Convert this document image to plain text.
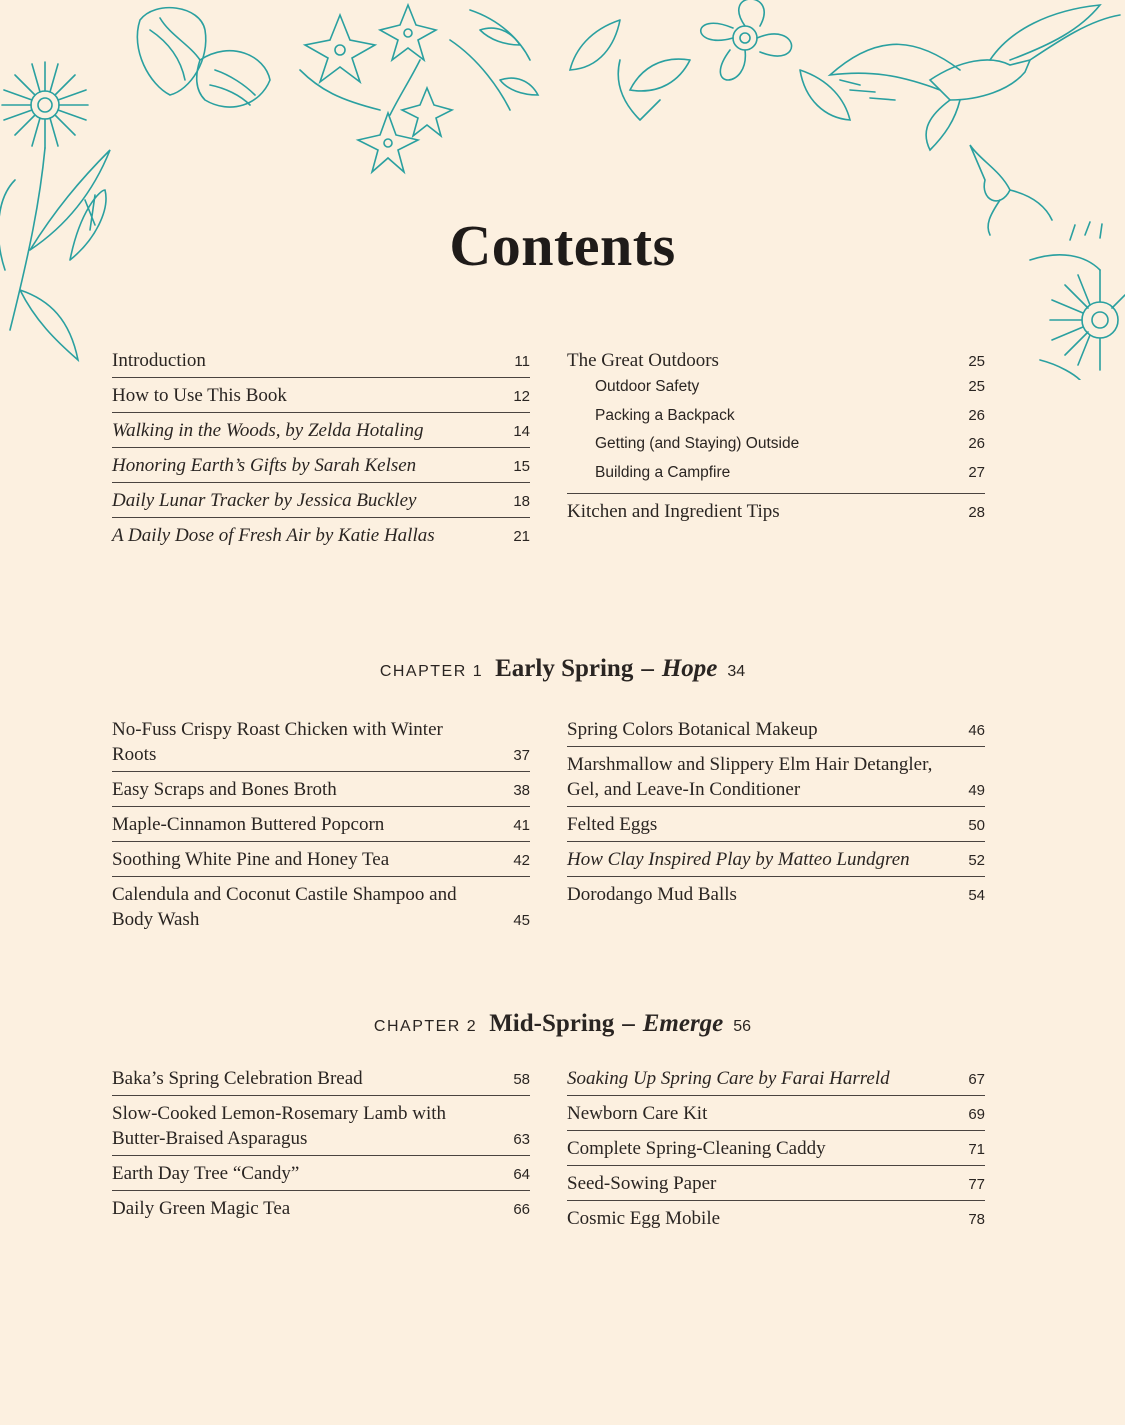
Contents
Introduction	11
How to Use This Book	12
Walking in the Woods, by Zelda Hotaling	14
Honoring Earth’s Gifts by Sarah Kelsen	15
Daily Lunar Tracker by Jessica Buckley	18
A Daily Dose of Fresh Air by Katie Hallas	21
The Great Outdoors	25
Outdoor Safety	25
Packing a Backpack	26
Getting (and Staying) Outside	26
Building a Campfire	27
Kitchen and Ingredient Tips	28
CHAPTER 1 Early Spring – Hope 34
No-Fuss Crispy Roast Chicken with Winter Roots	37
Easy Scraps and Bones Broth	38
Maple-Cinnamon Buttered Popcorn	41
Soothing White Pine and Honey Tea	42
Calendula and Coconut Castile Shampoo and Body Wash	45
Spring Colors Botanical Makeup	46
Marshmallow and Slippery Elm Hair Detangler, Gel, and Leave-In Conditioner	49
Felted Eggs	50
How Clay Inspired Play by Matteo Lundgren	52
Dorodango Mud Balls	54
CHAPTER 2 Mid-Spring – Emerge 56
Baka’s Spring Celebration Bread	58
Slow-Cooked Lemon-Rosemary Lamb with Butter-Braised Asparagus	63
Earth Day Tree “Candy”	64
Daily Green Magic Tea	66
Soaking Up Spring Care by Farai Harreld	67
Newborn Care Kit	69
Complete Spring-Cleaning Caddy	71
Seed-Sowing Paper	77
Cosmic Egg Mobile	78
